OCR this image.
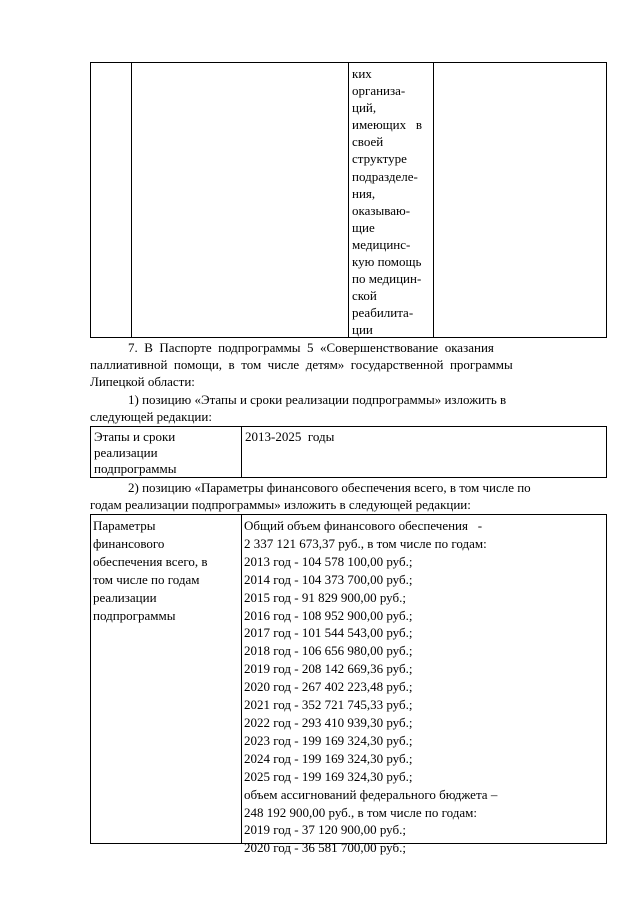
ких
организа-
ций,
имеющих   в
своей
структуре
подразделе-
ния,
оказываю-
щие
медицинс-
кую помощь
по медицин-
ской
реабилита-
ции
7.  В  Паспорте  подпрограммы  5  «Совершенствование  оказания
паллиативной  помощи,  в  том  числе  детям»  государственной  программы
Липецкой области:
1) позицию «Этапы и сроки реализации подпрограммы» изложить в
следующей редакции:
Этапы и сроки реализации подпрограммы
2013-2025  годы
2) позицию «Параметры финансового обеспечения всего, в том числе по
годам реализации подпрограммы» изложить в следующей редакции:
Параметры
финансового
обеспечения всего, в
том числе по годам
реализации
подпрограммы
Общий объем финансового обеспечения   -
2 337 121 673,37 руб., в том числе по годам:
2013 год - 104 578 100,00 руб.;
2014 год - 104 373 700,00 руб.;
2015 год - 91 829 900,00 руб.;
2016 год - 108 952 900,00 руб.;
2017 год - 101 544 543,00 руб.;
2018 год - 106 656 980,00 руб.;
2019 год - 208 142 669,36 руб.;
2020 год - 267 402 223,48 руб.;
2021 год - 352 721 745,33 руб.;
2022 год - 293 410 939,30 руб.;
2023 год - 199 169 324,30 руб.;
2024 год - 199 169 324,30 руб.;
2025 год - 199 169 324,30 руб.;
объем ассигнований федерального бюджета –
248 192 900,00 руб., в том числе по годам:
2019 год - 37 120 900,00 руб.;
2020 год - 36 581 700,00 руб.;
